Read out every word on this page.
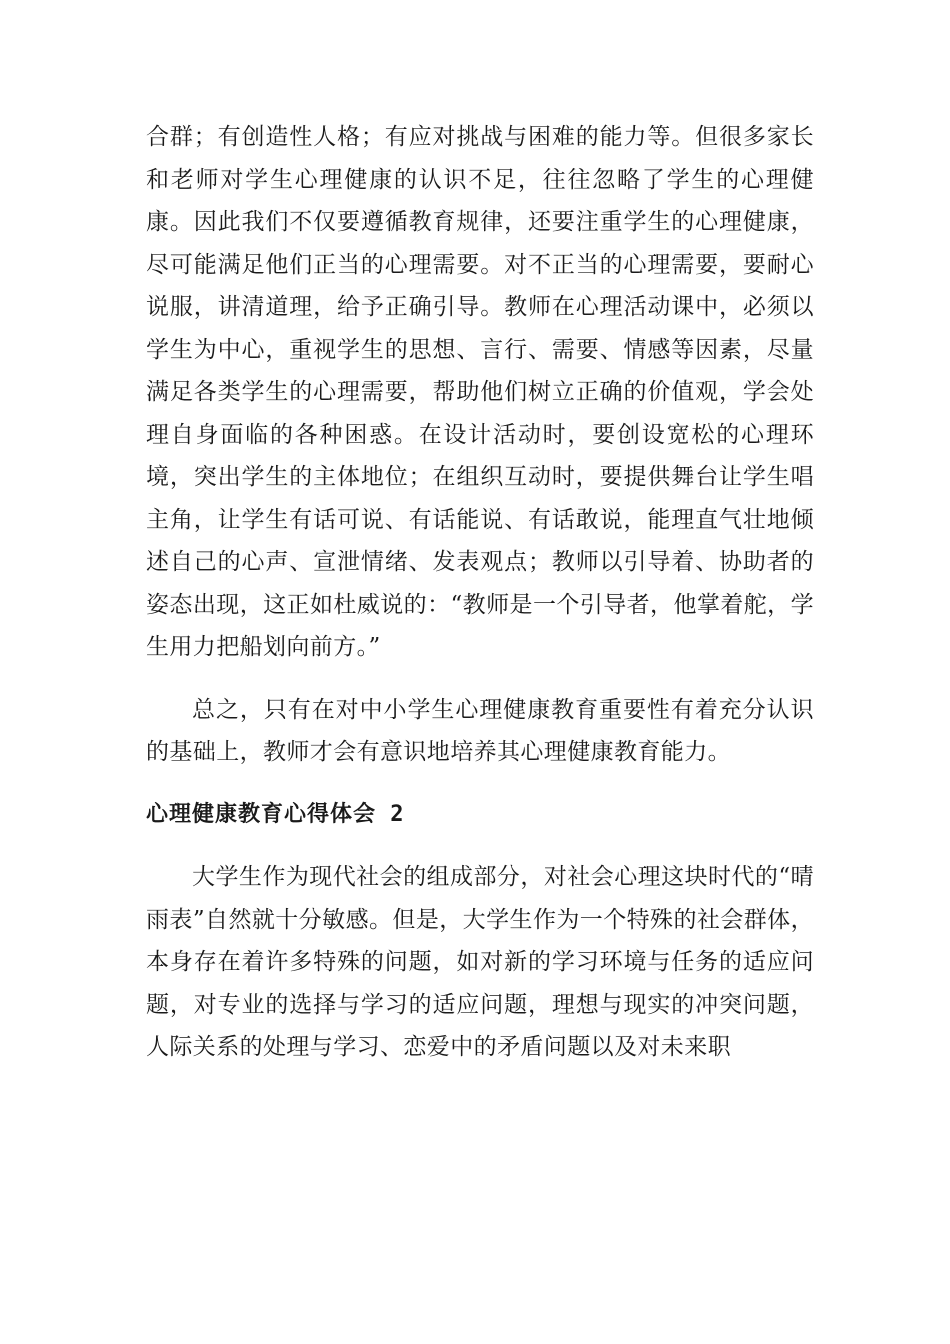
合群；有创造性人格；有应对挑战与困难的能力等。但很多家长和老师对学生心理健康的认识不足，往往忽略了学生的心理健康。因此我们不仅要遵循教育规律，还要注重学生的心理健康，尽可能满足他们正当的心理需要。对不正当的心理需要，要耐心说服，讲清道理，给予正确引导。教师在心理活动课中，必须以学生为中心，重视学生的思想、言行、需要、情感等因素，尽量满足各类学生的心理需要，帮助他们树立正确的价值观，学会处理自身面临的各种困惑。在设计活动时，要创设宽松的心理环境，突出学生的主体地位；在组织互动时，要提供舞台让学生唱主角，让学生有话可说、有话能说、有话敢说，能理直气壮地倾述自己的心声、宣泄情绪、发表观点；教师以引导着、协助者的姿态出现，这正如杜威说的：“教师是一个引导者，他掌着舵，学生用力把船划向前方。”

总之，只有在对中小学生心理健康教育重要性有着充分认识的基础上，教师才会有意识地培养其心理健康教育能力。

心理健康教育心得体会 2

大学生作为现代社会的组成部分，对社会心理这块时代的“晴雨表”自然就十分敏感。但是，大学生作为一个特殊的社会群体，本身存在着许多特殊的问题，如对新的学习环境与任务的适应问题，对专业的选择与学习的适应问题，理想与现实的冲突问题，人际关系的处理与学习、恋爱中的矛盾问题以及对未来职
